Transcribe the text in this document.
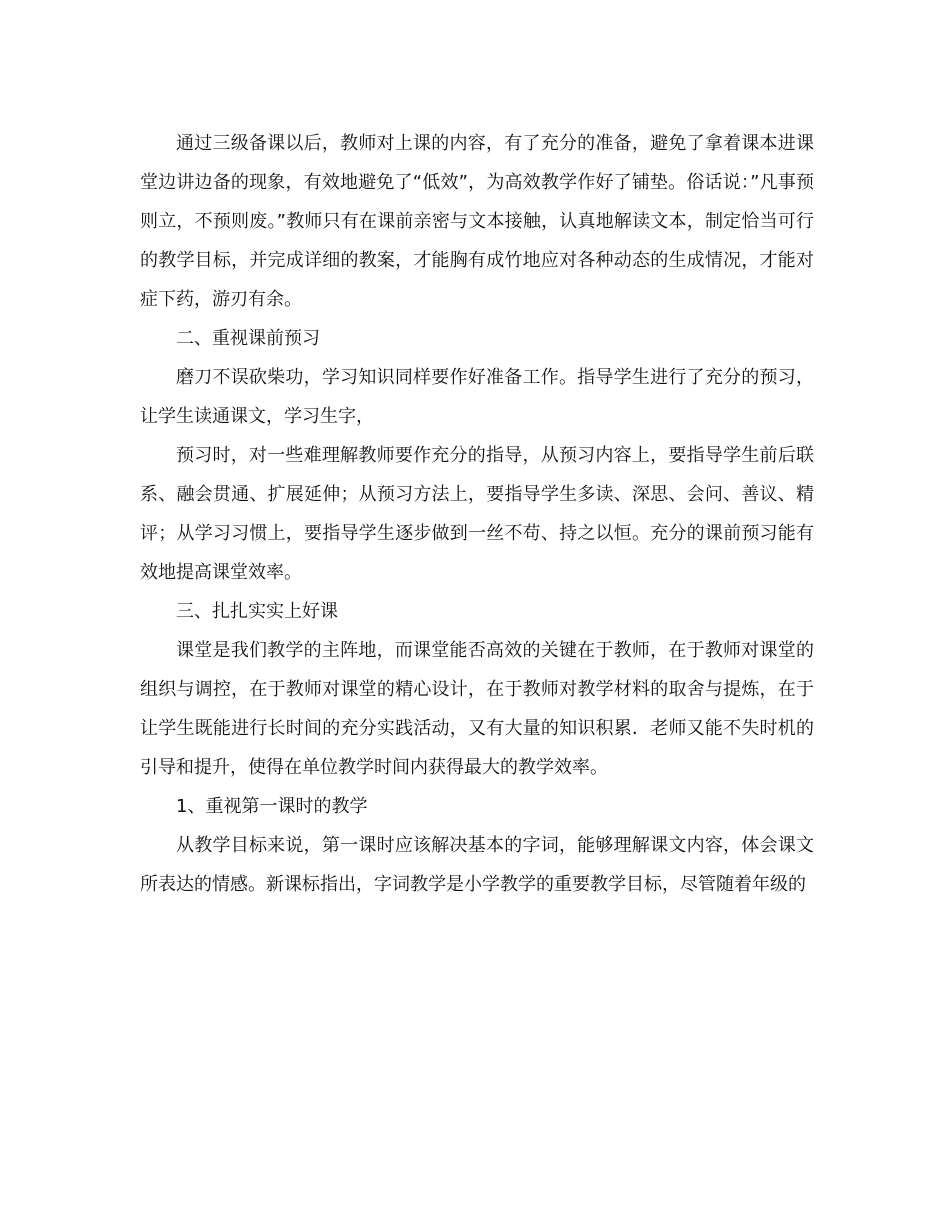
通过三级备课以后，教师对上课的内容，有了充分的准备，避免了拿着课本进课堂边讲边备的现象，有效地避免了“低效”，为高效教学作好了铺垫。俗话说：”凡事预则立，不预则废。”教师只有在课前亲密与文本接触，认真地解读文本，制定恰当可行的教学目标，并完成详细的教案，才能胸有成竹地应对各种动态的生成情况，才能对症下药，游刃有余。

二、重视课前预习

磨刀不误砍柴功，学习知识同样要作好准备工作。指导学生进行了充分的预习，让学生读通课文，学习生字，

预习时，对一些难理解教师要作充分的指导，从预习内容上，要指导学生前后联系、融会贯通、扩展延伸；从预习方法上，要指导学生多读、深思、会问、善议、精评；从学习习惯上，要指导学生逐步做到一丝不苟、持之以恒。充分的课前预习能有效地提高课堂效率。

三、扎扎实实上好课

课堂是我们教学的主阵地，而课堂能否高效的关键在于教师，在于教师对课堂的组织与调控，在于教师对课堂的精心设计，在于教师对教学材料的取舍与提炼，在于让学生既能进行长时间的充分实践活动，又有大量的知识积累．老师又能不失时机的引导和提升，使得在单位教学时间内获得最大的教学效率。

1、重视第一课时的教学

从教学目标来说，第一课时应该解决基本的字词，能够理解课文内容，体会课文所表达的情感。新课标指出，字词教学是小学教学的重要教学目标，尽管随着年级的
